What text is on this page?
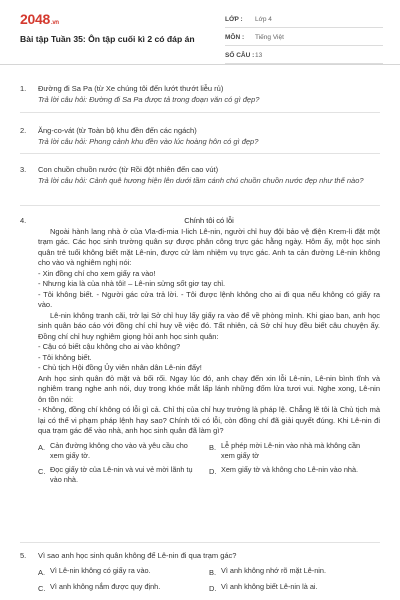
2048.vn
Bài tập Tuần 35: Ôn tập cuối kì 2 có đáp án
LỚP :	Lớp 4
MÔN :	Tiếng Việt
SỐ CÂU : 13
1. Đường đi Sa Pa (từ Xe chúng tôi đến lướt thướt liễu rủ)
Trả lời câu hỏi: Đường đi Sa Pa được tả trong đoạn văn có gì đẹp?
2. Ăng-co-vát (từ Toàn bộ khu đền đến các ngách)
Trả lời câu hỏi: Phong cảnh khu đền vào lúc hoàng hôn có gì đẹp?
3. Con chuồn chuồn nước (từ Rồi đột nhiên đến cao vút)
Trả lời câu hỏi: Cảnh quê hương hiện lên dưới tầm cánh chú chuồn chuồn nước đẹp như thế nào?
4.	Chính tôi có lỗi

Ngoài hành lang nhà ở của Vla-đi-mia I-lich Lê-nin, người chỉ huy đội bảo vệ điện Krem-li đặt một trạm gác. Các học sinh trường quân sự được phân công trực gác hằng ngày. Hôm ấy, một học sinh quân trẻ tuổi không biết mặt Lê-nin, được cử làm nhiệm vụ trực gác. Anh ta cản đường Lê-nin không cho vào và nghiêm nghị nói:

- Xin đồng chí cho xem giấy ra vào!

- Nhưng kia là của nhà tôi! – Lê-nin sửng sốt giơ tay chỉ.

- Tôi không biết. - Người gác cửa trả lời. - Tôi được lệnh không cho ai đi qua nếu không có giấy ra vào.

Lê-nin không tranh cãi, trở lại Sở chỉ huy lấy giấy ra vào để về phòng mình. Khi giao ban, anh học sinh quân báo cáo với đồng chí chỉ huy về việc đó. Tất nhiên, cả Sở chỉ huy đều biết câu chuyện ấy. Đồng chí chỉ huy nghiêm giọng hỏi anh học sinh quân:

- Cậu có biết cậu không cho ai vào không?

- Tôi không biết.

- Chủ tịch Hội đồng Ủy viên nhân dân Lê-nin đấy!

Anh học sinh quân đỏ mặt và bối rối. Ngay lúc đó, anh chạy đến xin lỗi Lê-nin, Lê-nin bình tĩnh và nghiêm trang nghe anh nói, duy trong khóe mắt lấp lánh những đốm lửa tươi vui. Nghe xong, Lê-nin ôn tồn nói:

- Không, đồng chí không có lỗi gì cả. Chỉ thị của chỉ huy trưởng là pháp lệ. Chẳng lẽ tôi là Chủ tịch mà lại có thể vi phạm pháp lệnh hay sao? Chính tôi có lỗi, còn đồng chí đã giải quyết đúng. Khi Lê-nin đi qua trạm gác để vào nhà, anh học sinh quân đã làm gì?

A. Cản đường không cho vào và yêu cầu cho xem giấy tờ.
B. Lễ phép mời Lê-nin vào nhà mà không cần xem giấy tờ
C. Đọc giấy tờ của Lê-nin và vui vẻ mời lãnh tụ vào nhà.
D. Xem giấy tờ và không cho Lê-nin vào nhà.
5. Vì sao anh học sinh quân không để Lê-nin đi qua trạm gác?
A. Vì Lê-nin không có giấy ra vào.	B. Vì anh không nhớ rõ mặt Lê-nin.
C. Vì anh không nắm được quy định.	D. Vì anh không biết Lê-nin là ai.
